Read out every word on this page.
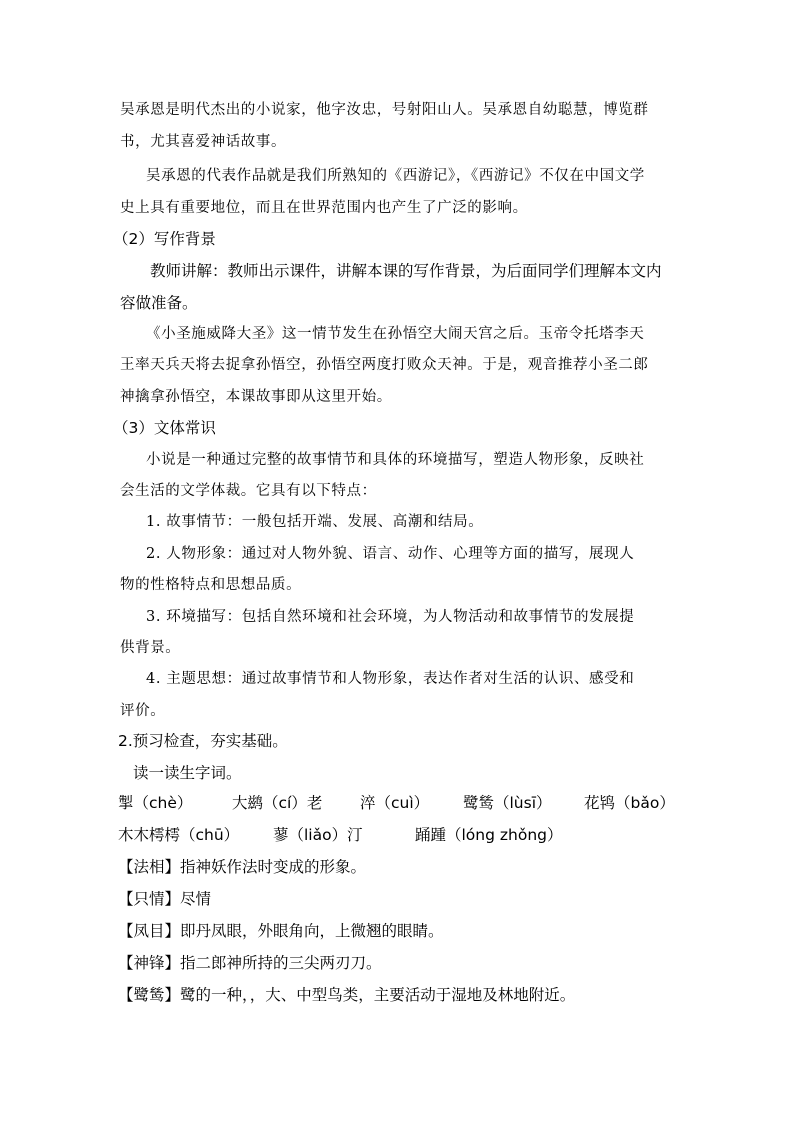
吴承恩是明代杰出的小说家，他字汝忠，号射阳山人。吴承恩自幼聪慧，博览群
书，尤其喜爱神话故事。
吴承恩的代表作品就是我们所熟知的《西游记》，《西游记》不仅在中国文学
史上具有重要地位，而且在世界范围内也产生了广泛的影响。
（2）写作背景
教师讲解：教师出示课件，讲解本课的写作背景，为后面同学们理解本文内
容做准备。
《小圣施威降大圣》这一情节发生在孙悟空大闹天宫之后。玉帝令托塔李天
王率天兵天将去捉拿孙悟空，孙悟空两度打败众天神。于是，观音推荐小圣二郎
神擒拿孙悟空，本课故事即从这里开始。
（3）文体常识
小说是一种通过完整的故事情节和具体的环境描写，塑造人物形象，反映社
会生活的文学体裁。它具有以下特点：
1. 故事情节：一般包括开端、发展、高潮和结局。
2. 人物形象：通过对人物外貌、语言、动作、心理等方面的描写，展现人
物的性格特点和思想品质。
3. 环境描写：包括自然环境和社会环境，为人物活动和故事情节的发展提
供背景。
4. 主题思想：通过故事情节和人物形象，表达作者对生活的认识、感受和
评价。
2.预习检查，夯实基础。
读一读生字词。
掣（chè）	大鹚（cí）老 淬（cuì） 鹭鸶（lùsī） 花鸨（bǎo）
木木樗樗（chū） 蓼（liǎo）汀	踊踵（lóng zhǒng）
【法相】指神妖作法时变成的形象。
【只情】尽情
【凤目】即丹凤眼，外眼角向，上微翘的眼睛。
【神锋】指二郎神所持的三尖两刃刀。
【鹭鸶】鹭的一种，，大、中型鸟类，主要活动于湿地及林地附近。
